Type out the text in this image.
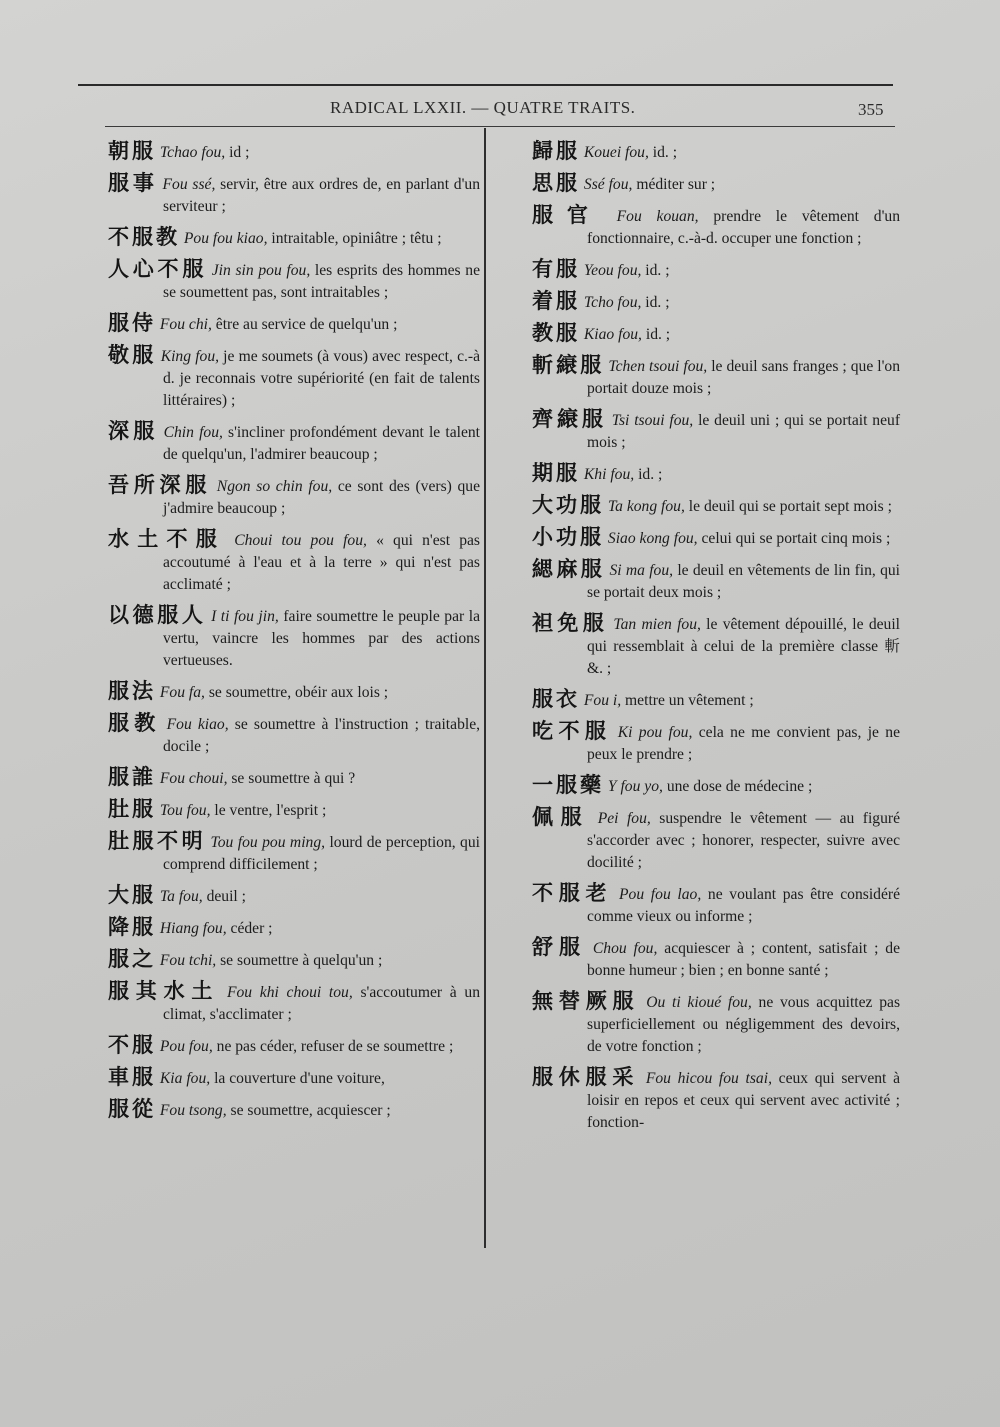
RADICAL LXXII. — QUATRE TRAITS.	355
朝服 Tchao fou, id ;
服事 Fou ssé, servir, être aux ordres de, en parlant d'un serviteur ;
不服教 Pou fou kiao, intraitable, opiniâtre ; têtu ;
人心不服 Jin sin pou fou, les esprits des hommes ne se soumettent pas, sont intraitables ;
服侍 Fou chi, être au service de quelqu'un ;
敬服 King fou, je me soumets (à vous) avec respect, c.-à d. je reconnais votre supériorité (en fait de talents littéraires) ;
深服 Chin fou, s'incliner profondément devant le talent de quelqu'un, l'admirer beaucoup ;
吾所深服 Ngon so chin fou, ce sont des (vers) que j'admire beaucoup ;
水土不服 Choui tou pou fou, « qui n'est pas accoutumé à l'eau et à la terre » qui n'est pas acclimaté ;
以德服人 I ti fou jin, faire soumettre le peuple par la vertu, vaincre les hommes par des actions vertueuses.
服法 Fou fa, se soumettre, obéir aux lois ;
服教 Fou kiao, se soumettre à l'instruction ; traitable, docile ;
服誰 Fou choui, se soumettre à qui ?
肚服 Tou fou, le ventre, l'esprit ;
肚服不明 Tou fou pou ming, lourd de perception, qui comprend difficilement ;
大服 Ta fou, deuil ;
降服 Hiang fou, céder ;
服之 Fou tchi, se soumettre à quelqu'un ;
服其水土 Fou khi choui tou, s'accoutumer à un climat, s'acclimater ;
不服 Pou fou, ne pas céder, refuser de se soumettre ;
車服 Kia fou, la couverture d'une voiture,
服從 Fou tsong, se soumettre, acquiescer ;
歸服 Kouei fou, id. ;
思服 Ssé fou, méditer sur ;
服官 Fou kouan, prendre le vêtement d'un fonctionnaire, c.-à-d. occuper une fonction ;
有服 Yeou fou, id. ;
着服 Tcho fou, id. ;
教服 Kiao fou, id. ;
斬縗服 Tchen tsoui fou, le deuil sans franges ; que l'on portait douze mois ;
齊縗服 Tsi tsoui fou, le deuil uni ; qui se portait neuf mois ;
期服 Khi fou, id. ;
大功服 Ta kong fou, le deuil qui se portait sept mois ;
小功服 Siao kong fou, celui qui se portait cinq mois ;
緦麻服 Si ma fou, le deuil en vêtements de lin fin, qui se portait deux mois ;
袒免服 Tan mien fou, le vêtement dépouillé, le deuil qui ressemblait à celui de la première classe 斬 &. ;
服衣 Fou i, mettre un vêtement ;
吃不服 Ki pou fou, cela ne me convient pas, je ne peux le prendre ;
一服藥 Y fou yo, une dose de médecine ;
佩服 Pei fou, suspendre le vêtement — au figuré s'accorder avec ; honorer, respecter, suivre avec docilité ;
不服老 Pou fou lao, ne voulant pas être considéré comme vieux ou informe ;
舒服 Chou fou, acquiescer à ; content, satisfait ; de bonne humeur ; bien ; en bonne santé ;
無替厥服 Ou ti kioué fou, ne vous acquittez pas superficiellement ou négligemment des devoirs, de votre fonction ;
服休服采 Fou hicou fou tsai, ceux qui servent à loisir en repos et ceux qui servent avec activité ; fonction-
